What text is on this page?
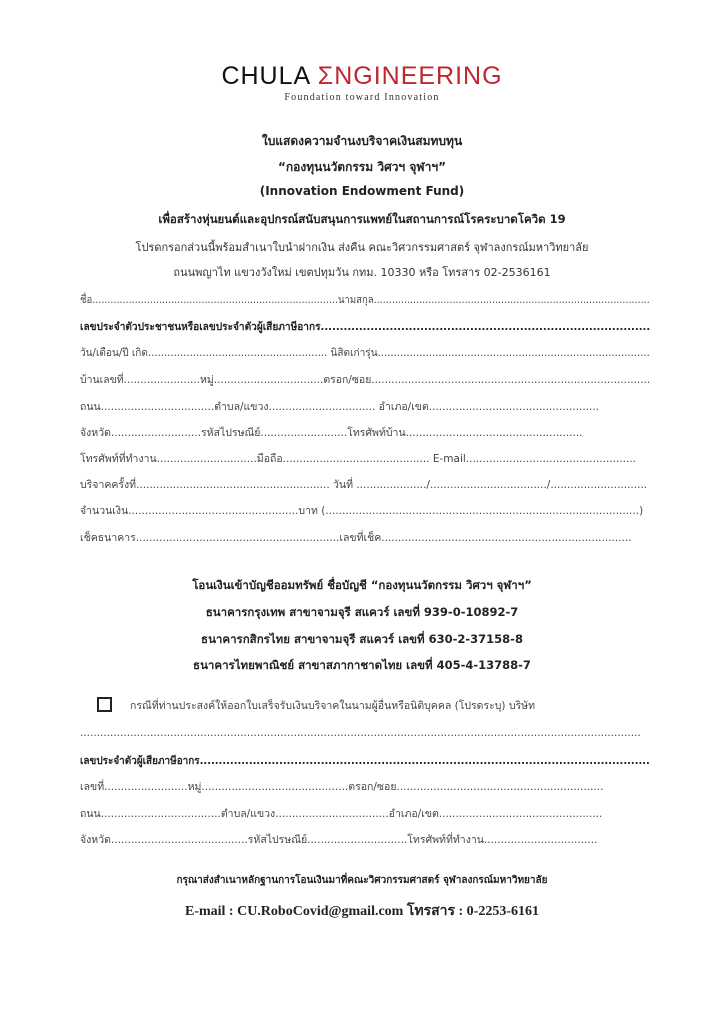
CHULA ΣNGINEERING
Foundation toward Innovation
ใบแสดงความจำนงบริจาคเงินสมทบทุน
“กองทุนนวัตกรรม วิศวฯ จุฬาฯ”
(Innovation Endowment Fund)
เพื่อสร้างหุ่นยนต์และอุปกรณ์สนับสนุนการแพทย์ในสถานการณ์โรคระบาดโควิด 19
โปรดกรอกส่วนนี้พร้อมสำเนาใบนำฝากเงิน ส่งคืน คณะวิศวกรรมศาสตร์ จุฬาลงกรณ์มหาวิทยาลัย
ถนนพญาไท แขวงวังใหม่ เขตปทุมวัน กทม. 10330 หรือ โทรสาร 02-2536161
ชื่อ.................................................................................นามสกุล...........................................................................................
เลขประจำตัวประชาชนหรือเลขประจำตัวผู้เสียภาษีอากร......................................................................................
วัน/เดือน/ปี เกิด........................................................ นิสิตเก่ารุ่น.....................................................................................
บ้านเลขที่.......................หมู่.................................ตรอก/ซอย....................................................................................
ถนน..................................ตำบล/แขวง................................ อำเภอ/เขต...................................................
จังหวัด...........................รหัสไปรษณีย์..........................โทรศัพท์บ้าน.....................................................
โทรศัพท์ที่ทำงาน..............................มือถือ............................................ E-mail...................................................
บริจาคครั้งที่.......................................................... วันที่ ...................../.................................../.............................
จำนวนเงิน...................................................บาท (..............................................................................................)
เช็คธนาคาร.............................................................เลขที่เช็ค...........................................................................
โอนเงินเข้าบัญชีออมทรัพย์ ชื่อบัญชี “กองทุนนวัตกรรม วิศวฯ จุฬาฯ”
ธนาคารกรุงเทพ สาขาจามจุรี สแควร์ เลขที่ 939-0-10892-7
ธนาคารกสิกรไทย สาขาจามจุรี สแควร์ เลขที่ 630-2-37158-8
ธนาคารไทยพาณิชย์ สาขาสภากาชาดไทย เลขที่ 405-4-13788-7
กรณีที่ท่านประสงค์ให้ออกใบเสร็จรับเงินบริจาคในนามผู้อื่นหรือนิติบุคคล (โปรดระบุ) บริษัท
........................................................................................................................................................................
เลขประจำตัวผู้เสียภาษีอากร.......................................................................................................................
เลขที่.........................หมู่............................................ตรอก/ซอย..............................................................
ถนน....................................ตำบล/แขวง..................................อำเภอ/เขต.................................................
จังหวัด.........................................รหัสไปรษณีย์..............................โทรศัพท์ที่ทำงาน..................................
กรุณาส่งสำเนาหลักฐานการโอนเงินมาที่คณะวิศวกรรมศาสตร์ จุฬาลงกรณ์มหาวิทยาลัย
E-mail : CU.RoboCovid@gmail.com โทรสาร : 0-2253-6161
